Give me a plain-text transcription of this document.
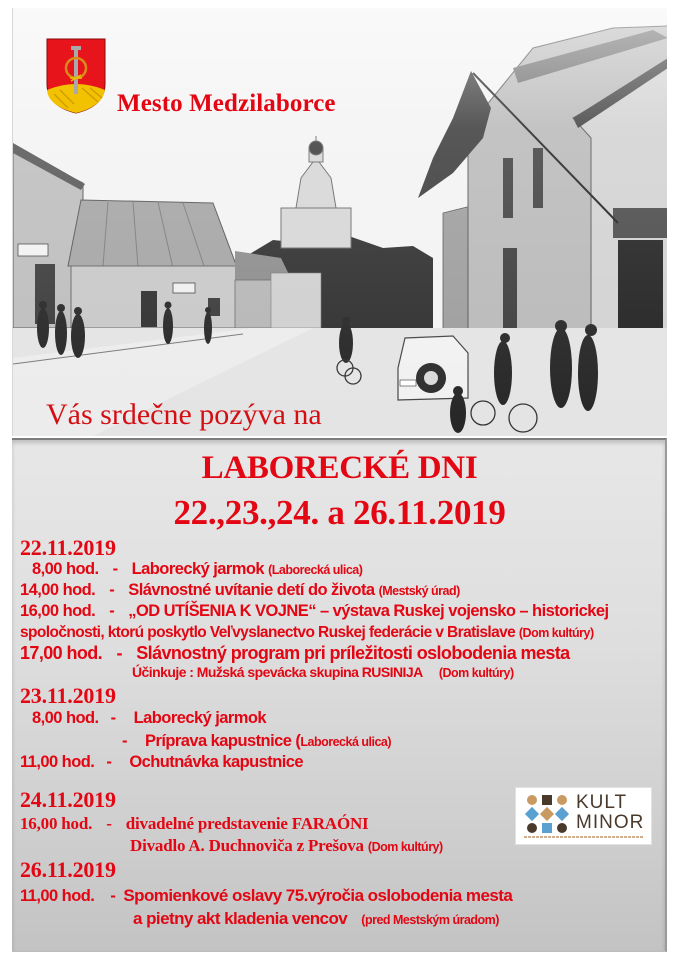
Mesto Medzilaborce
Vás srdečne pozýva na
LABORECKÉ DNI
22.,23.,24. a 26.11.2019
22.11.2019
8,00 hod. - Laborecký jarmok (Laborecká ulica)
14,00 hod. - Slávnostné uvítanie detí do života (Mestský úrad)
16,00 hod. - „OD UTÍŠENIA K VOJNE“ – výstava Ruskej vojensko – historickej
spoločnosti, ktorú poskytlo Veľvyslanectvo Ruskej federácie v Bratislave (Dom kultúry)
17,00 hod. - Slávnostný program pri príležitosti oslobodenia mesta
Účinkuje : Mužská spevácka skupina RUSINIJA (Dom kultúry)
23.11.2019
8,00 hod. - Laborecký jarmok
- Príprava kapustnice (Laborecká ulica)
11,00 hod. - Ochutnávka kapustnice
24.11.2019
16,00 hod. - divadelné predstavenie FARAÓNI
Divadlo A. Duchnoviča z Prešova (Dom kultúry)
26.11.2019
11,00 hod. - Spomienkové oslavy 75.výročia oslobodenia mesta
a pietny akt kladenia vencov (pred Mestským úradom)
KULT
MINOR
